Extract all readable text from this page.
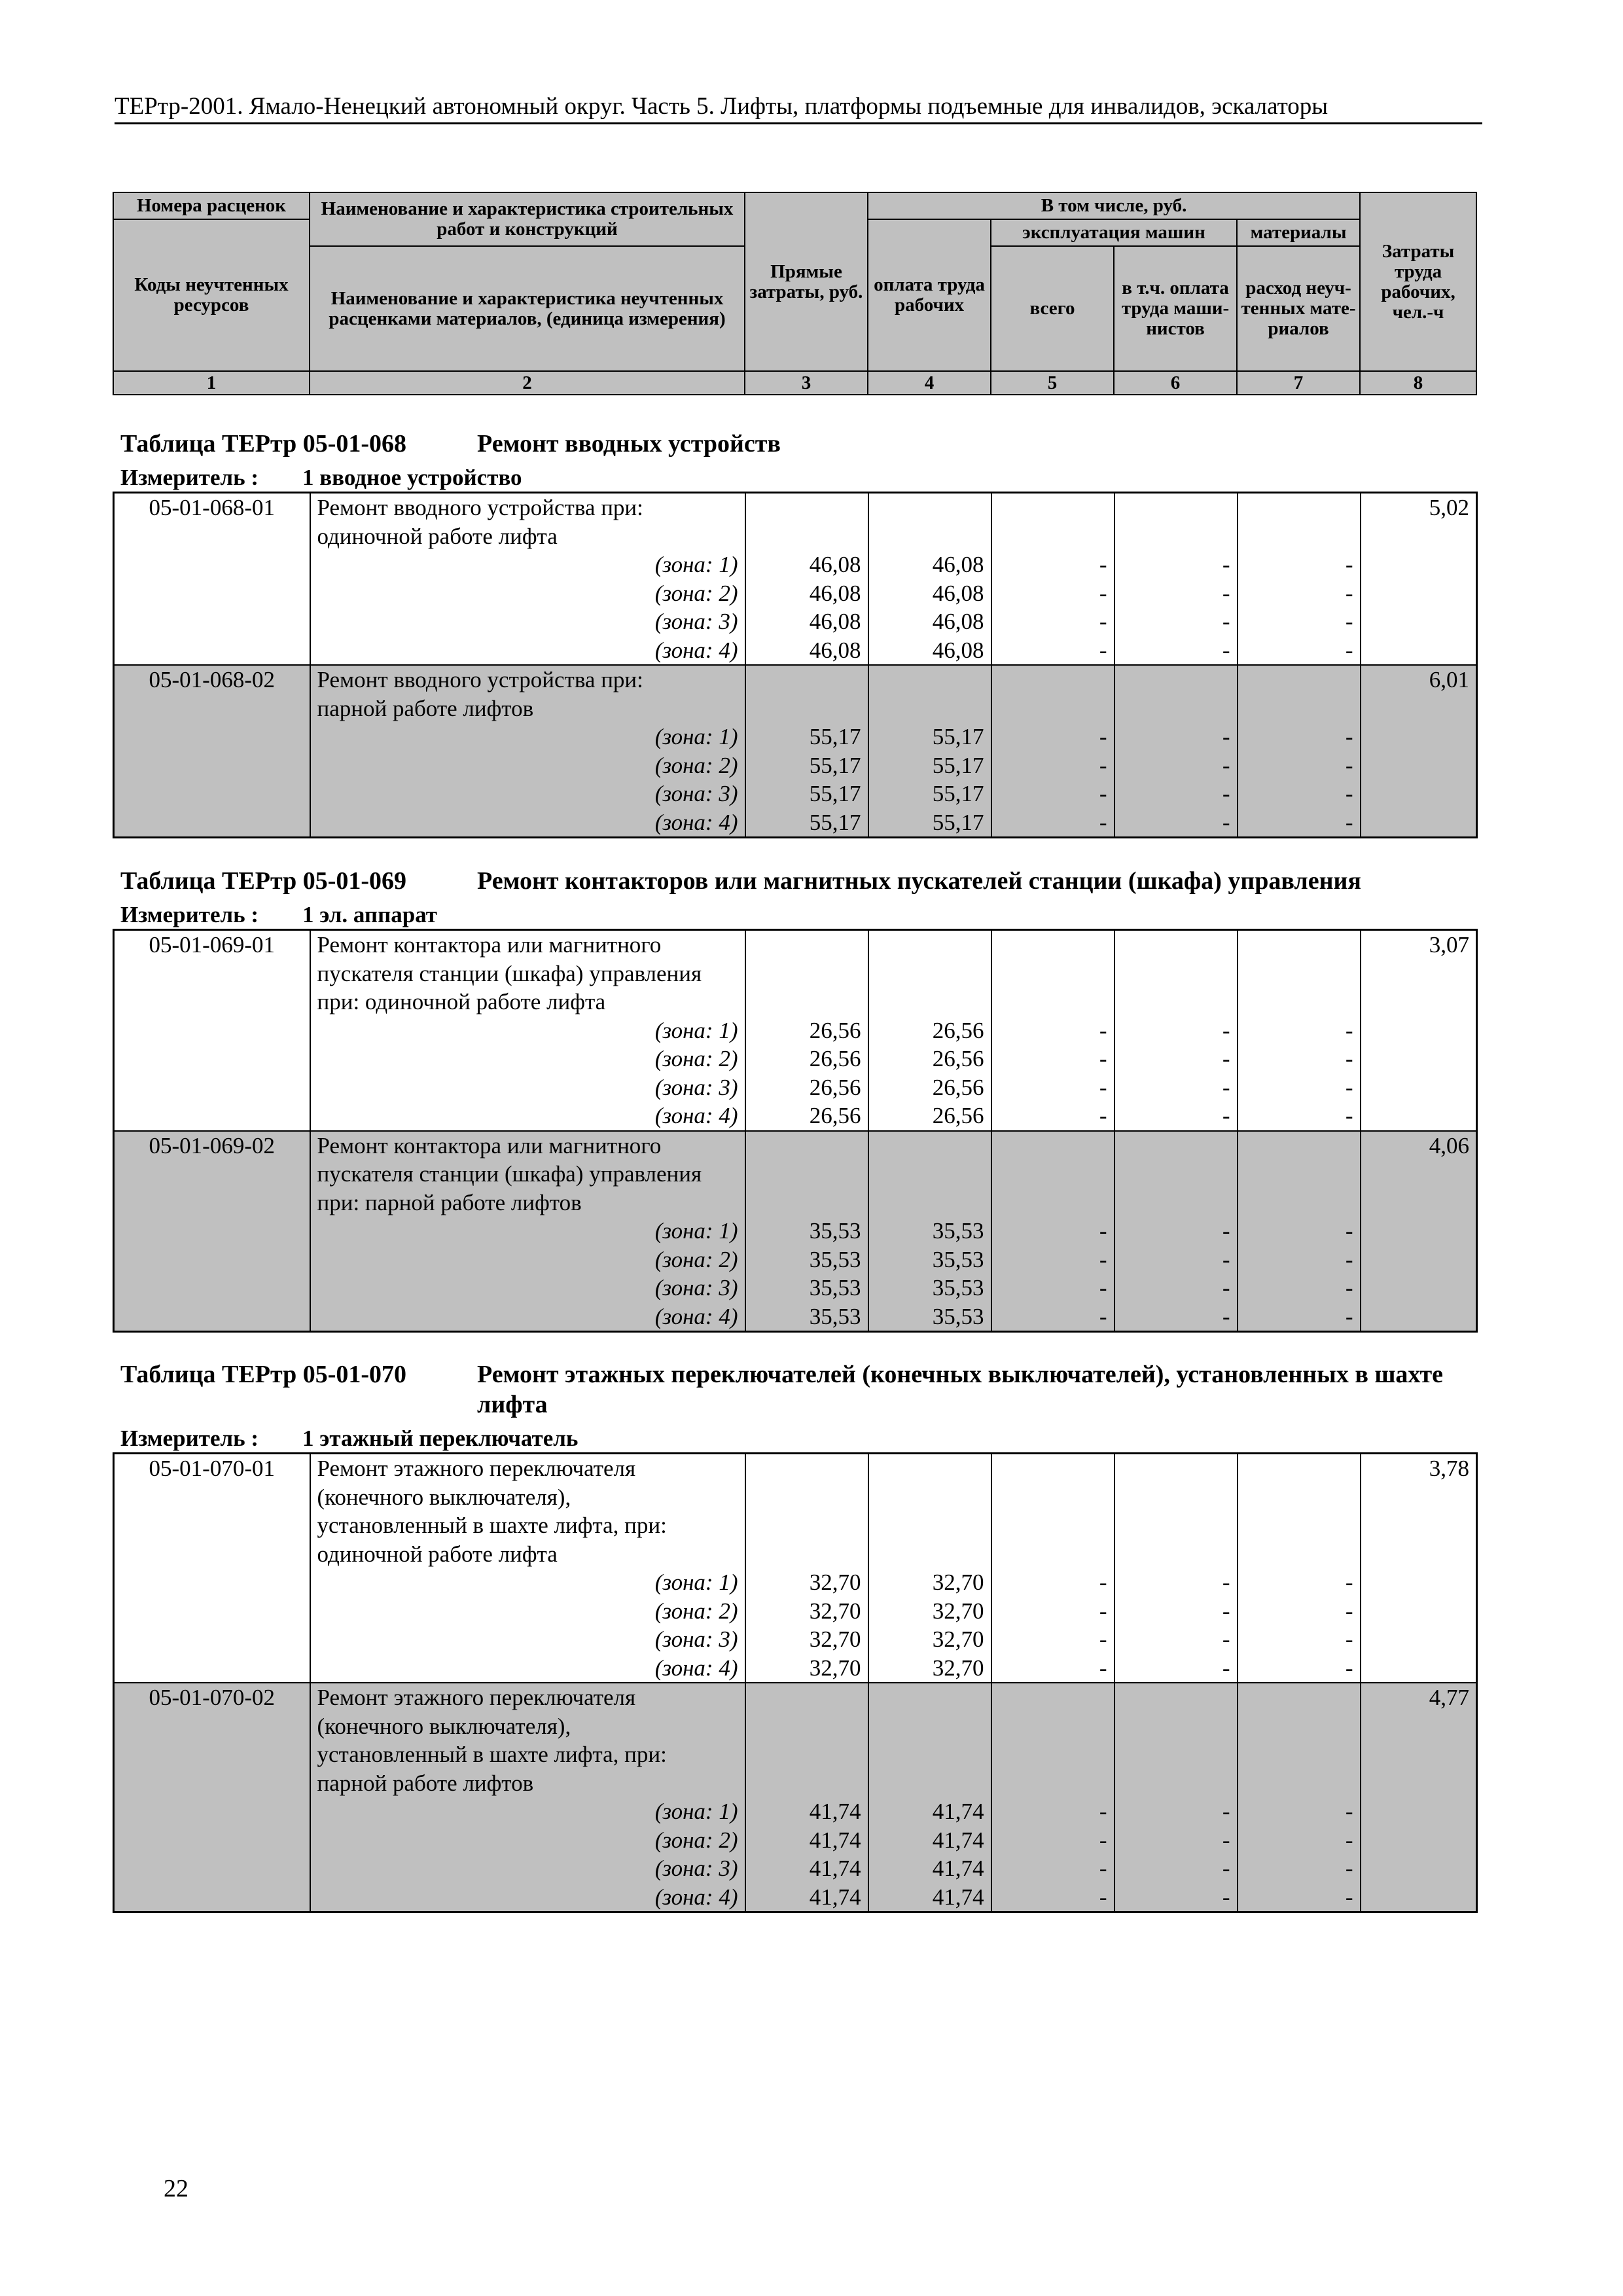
ТЕРтр-2001. Ямало-Ненецкий автономный округ. Часть 5. Лифты, платформы подъемные для инвалидов, эскалаторы
Номера расценок	Наименование и характеристика строительных работ и конструкций	Прямые затраты, руб.	В том числе, руб.				Затраты труда рабочих, чел.-ч
Коды неучтенных ресурсов			оплата труда рабочих	эксплуатация машин		материалы	
	Наименование и характеристика неучтенных расценками материалов, (единица измерения)			всего	в т.ч. оплата труда маши-нистов	расход неуч-тенных мате-риалов	

1	2	3	4	5	6	7	8
Таблица ТЕРтр 05-01-068	Ремонт вводных устройств
Измеритель :	1 вводное устройство
05-01-068-01	Ремонт вводного устройства при:						5,02
	одиночной работе лифта						
	(зона: 1)	46,08	46,08	-	-	-	
	(зона: 2)	46,08	46,08	-	-	-	
	(зона: 3)	46,08	46,08	-	-	-	
	(зона: 4)	46,08	46,08	-	-	-	
05-01-068-02	Ремонт вводного устройства при:						6,01
	парной работе лифтов						
	(зона: 1)	55,17	55,17	-	-	-	
	(зона: 2)	55,17	55,17	-	-	-	
	(зона: 3)	55,17	55,17	-	-	-	
	(зона: 4)	55,17	55,17	-	-	-	
Таблица ТЕРтр 05-01-069	Ремонт контакторов или магнитных пускателей станции (шкафа) управления
Измеритель :	1 эл. аппарат
05-01-069-01	Ремонт контактора или магнитного						3,07
	пускателя станции (шкафа) управления						
	при: одиночной работе лифта						
	(зона: 1)	26,56	26,56	-	-	-	
	(зона: 2)	26,56	26,56	-	-	-	
	(зона: 3)	26,56	26,56	-	-	-	
	(зона: 4)	26,56	26,56	-	-	-	
05-01-069-02	Ремонт контактора или магнитного						4,06
	пускателя станции (шкафа) управления						
	при: парной работе лифтов						
	(зона: 1)	35,53	35,53	-	-	-	
	(зона: 2)	35,53	35,53	-	-	-	
	(зона: 3)	35,53	35,53	-	-	-	
	(зона: 4)	35,53	35,53	-	-	-	
Таблица ТЕРтр 05-01-070	Ремонт этажных переключателей (конечных выключателей), установленных в шахте лифта
Измеритель :	1 этажный переключатель
05-01-070-01	Ремонт этажного переключателя						3,78
	(конечного выключателя),						
	установленный в шахте лифта, при:						
	одиночной работе лифта						
	(зона: 1)	32,70	32,70	-	-	-	
	(зона: 2)	32,70	32,70	-	-	-	
	(зона: 3)	32,70	32,70	-	-	-	
	(зона: 4)	32,70	32,70	-	-	-	
05-01-070-02	Ремонт этажного переключателя						4,77
	(конечного выключателя),						
	установленный в шахте лифта, при:						
	парной работе лифтов						
	(зона: 1)	41,74	41,74	-	-	-	
	(зона: 2)	41,74	41,74	-	-	-	
	(зона: 3)	41,74	41,74	-	-	-	
	(зона: 4)	41,74	41,74	-	-	-	
22
